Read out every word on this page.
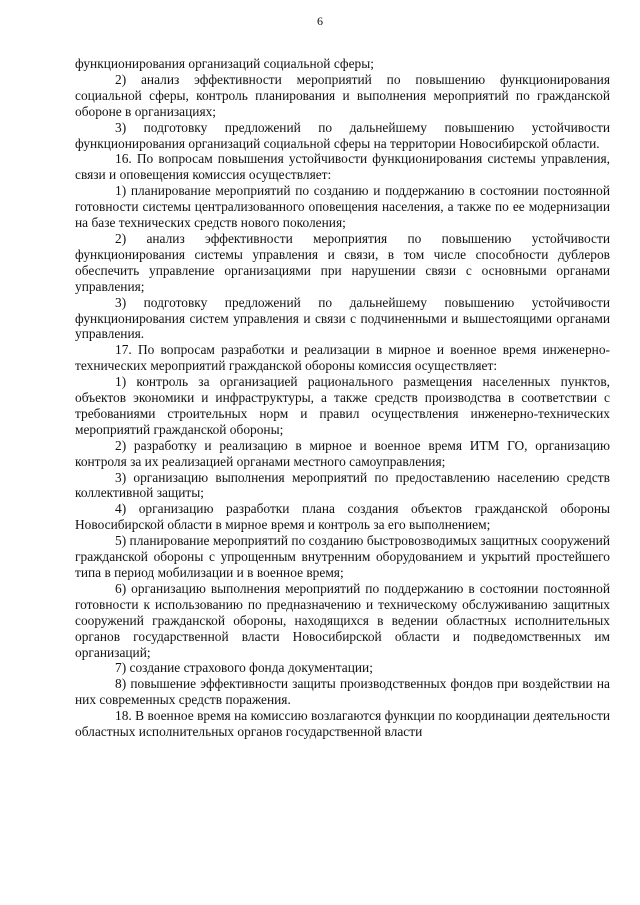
6

функционирования организаций социальной сферы;

2) анализ эффективности мероприятий по повышению функционирования социальной сферы, контроль планирования и выполнения мероприятий по гражданской обороне в организациях;

3) подготовку предложений по дальнейшему повышению устойчивости функционирования организаций социальной сферы на территории Новосибирской области.

16. По вопросам повышения устойчивости функционирования системы управления, связи и оповещения комиссия осуществляет:

1) планирование мероприятий по созданию и поддержанию в состоянии постоянной готовности системы централизованного оповещения населения, а также по ее модернизации на базе технических средств нового поколения;

2) анализ эффективности мероприятия по повышению устойчивости функционирования системы управления и связи, в том числе способности дублеров обеспечить управление организациями при нарушении связи с основными органами управления;

3) подготовку предложений по дальнейшему повышению устойчивости функционирования систем управления и связи с подчиненными и вышестоящими органами управления.

17. По вопросам разработки и реализации в мирное и военное время инженерно-технических мероприятий гражданской обороны комиссия осуществляет:

1) контроль за организацией рационального размещения населенных пунктов, объектов экономики и инфраструктуры, а также средств производства в соответствии с требованиями строительных норм и правил осуществления инженерно-технических мероприятий гражданской обороны;

2) разработку и реализацию в мирное и военное время ИТМ ГО, организацию контроля за их реализацией органами местного самоуправления;

3) организацию выполнения мероприятий по предоставлению населению средств коллективной защиты;

4) организацию разработки плана создания объектов гражданской обороны Новосибирской области в мирное время и контроль за его выполнением;

5) планирование мероприятий по созданию быстровозводимых защитных сооружений гражданской обороны с упрощенным внутренним оборудованием и укрытий простейшего типа в период мобилизации и в военное время;

6) организацию выполнения мероприятий по поддержанию в состоянии постоянной готовности к использованию по предназначению и техническому обслуживанию защитных сооружений гражданской обороны, находящихся в ведении областных исполнительных органов государственной власти Новосибирской области и подведомственных им организаций;

7) создание страхового фонда документации;

8) повышение эффективности защиты производственных фондов при воздействии на них современных средств поражения.

18. В военное время на комиссию возлагаются функции по координации деятельности областных исполнительных органов государственной власти
